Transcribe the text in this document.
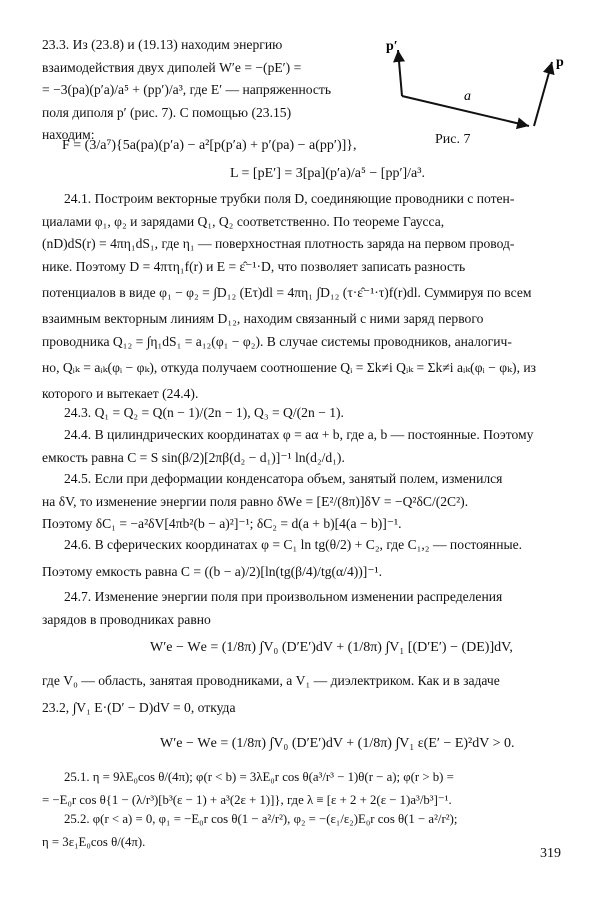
23.3. Из (23.8) и (19.13) находим энергию
взаимодействия двух диполей W′е = −(pE′) =
= −3(pa)(p′a)/a⁵ + (pp′)/a³, где E′ — напряженность
поля диполя p′ (рис. 7). С помощью (23.15)
находим:
p′
a
p
Рис. 7
F = (3/a⁷){5a(pa)(p′a) − a²[p(p′a) + p′(pa) − a(pp′)]},
L = [pE′] = 3[pa](p′a)/a⁵ − [pp′]/a³.
24.1. Построим векторные трубки поля D, соединяющие проводники с потен-
циалами φ₁, φ₂ и зарядами Q₁, Q₂ соответственно. По теореме Гаусса,
(nD)dS(r) = 4πη₁dS₁, где η₁ — поверхностная плотность заряда на первом провод-
нике. Поэтому D = 4πτη₁f(r) и E = ε̂⁻¹·D, что позволяет записать разность
потенциалов в виде φ₁ − φ₂ = ∫D₁₂ (Eτ)dl = 4πη₁ ∫D₁₂ (τ·ε̂⁻¹·τ)f(r)dl. Суммируя по всем
взаимным векторным линиям D₁₂, находим связанный с ними заряд первого
проводника Q₁₂ = ∫η₁dS₁ = a₁₂(φ₁ − φ₂). В случае системы проводников, аналогич-
но, Qᵢₖ = aᵢₖ(φᵢ − φₖ), откуда получаем соотношение Qᵢ = Σk≠i Qᵢₖ = Σk≠i aᵢₖ(φᵢ − φₖ), из
которого и вытекает (24.4).
24.3. Q₁ = Q₂ = Q(n − 1)/(2n − 1), Q₃ = Q/(2n − 1).
24.4. В цилиндрических координатах φ = aα + b, где a, b — постоянные. Поэтому
емкость равна C = S sin(β/2)[2πβ(d₂ − d₁)]⁻¹ ln(d₂/d₁).
24.5. Если при деформации конденсатора объем, занятый полем, изменился
на δV, то изменение энергии поля равно δWе = [E²/(8π)]δV = −Q²δC/(2C²).
Поэтому δC₁ = −a²δV[4πb²(b − a)²]⁻¹; δC₂ = d(a + b)[4(a − b)]⁻¹.
24.6. В сферических координатах φ = C₁ ln tg(θ/2) + C₂, где C₁,₂ — постоянные.
Поэтому емкость равна C = ((b − a)/2)[ln(tg(β/4)/tg(α/4))]⁻¹.
24.7. Изменение энергии поля при произвольном изменении распределения
зарядов в проводниках равно
W′е − Wе = (1/8π) ∫V₀ (D′E′)dV + (1/8π) ∫V₁ [(D′E′) − (DE)]dV,
где V₀ — область, занятая проводниками, а V₁ — диэлектриком. Как и в задаче
23.2, ∫V₁ E·(D′ − D)dV = 0, откуда
W′е − Wе = (1/8π) ∫V₀ (D′E′)dV + (1/8π) ∫V₁ ε(E′ − E)²dV > 0.
25.1. η = 9λE₀cos θ/(4π); φ(r < b) = 3λE₀r cos θ(a³/r³ − 1)θ(r − a); φ(r > b) =
= −E₀r cos θ{1 − (λ/r³)[b³(ε − 1) + a³(2ε + 1)]}, где λ ≡ [ε + 2 + 2(ε − 1)a³/b³]⁻¹.
25.2. φ(r < a) = 0, φ₁ = −E₀r cos θ(1 − a²/r²), φ₂ = −(ε₁/ε₂)E₀r cos θ(1 − a²/r²);
η = 3ε₁E₀cos θ/(4π).
319
